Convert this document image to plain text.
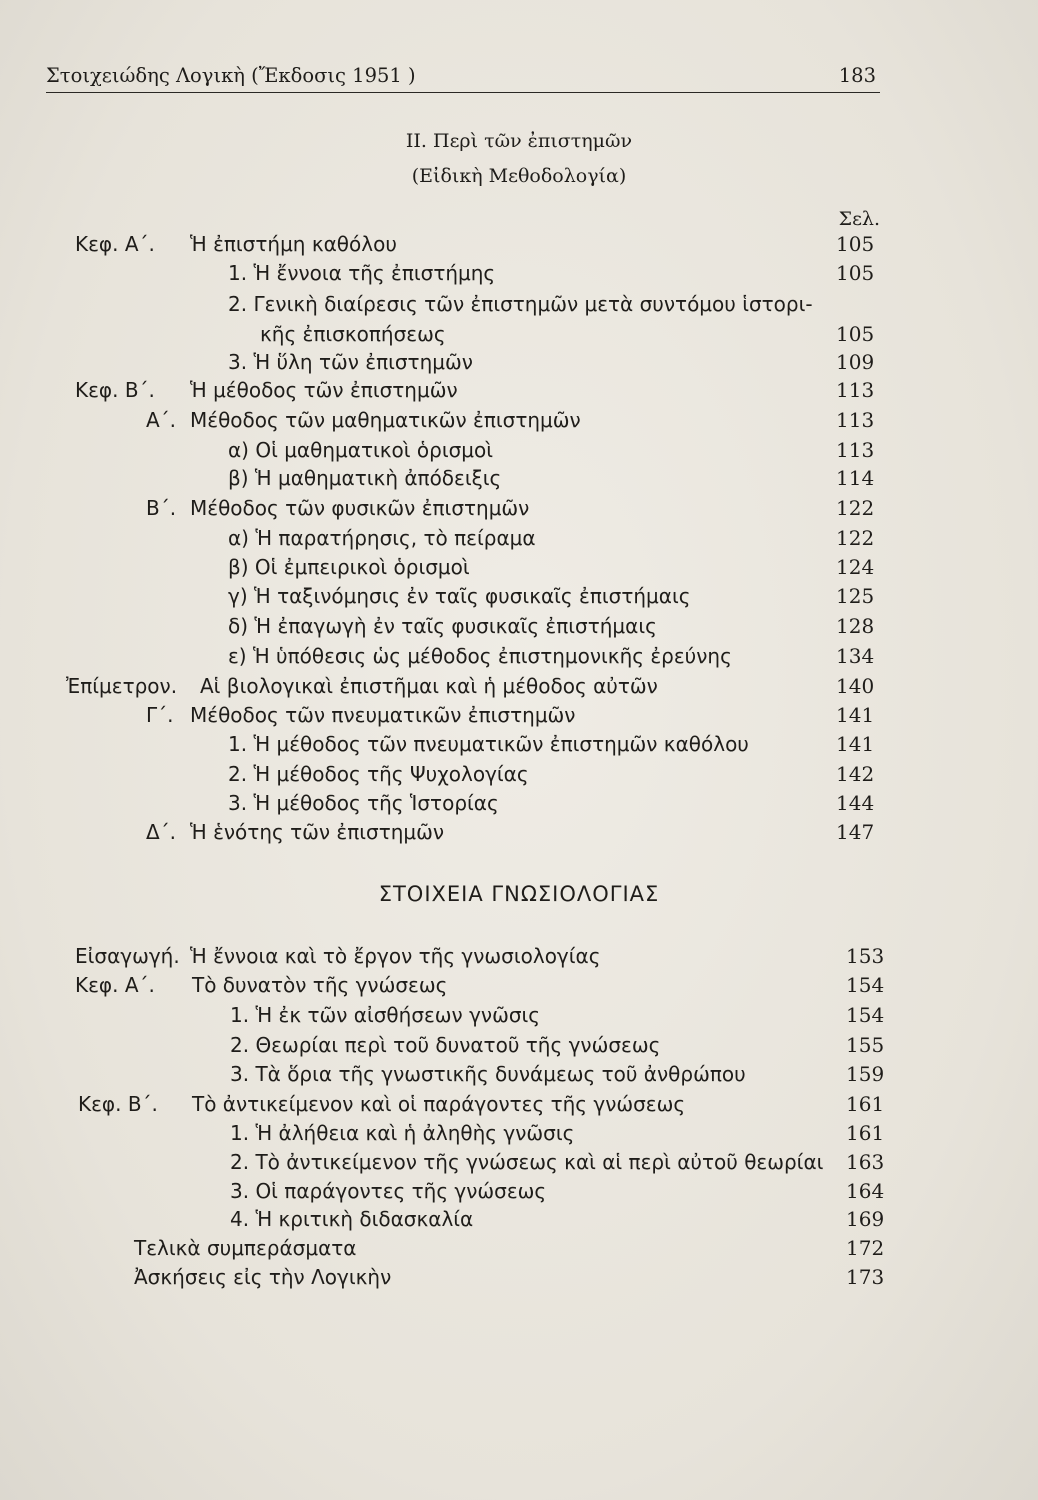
Στοιχειώδης Λογικὴ (Ἔκδοσις 1951 )	183
ΙΙ. Περὶ τῶν ἐπιστημῶν
(Εἰδικὴ Μεθοδολογία)
Σελ.
Κεφ. Α΄. Ἡ ἐπιστήμη καθόλου	105
1. Ἡ ἔννοια τῆς ἐπιστήμης	105
2. Γενικὴ διαίρεσις τῶν ἐπιστημῶν μετὰ συντόμου ἱστορι-
κῆς ἐπισκοπήσεως	105
3. Ἡ ὕλη τῶν ἐπιστημῶν	109
Κεφ. Β΄. Ἡ μέθοδος τῶν ἐπιστημῶν	113
Α΄. Μέθοδος τῶν μαθηματικῶν ἐπιστημῶν	113
α) Οἱ μαθηματικοὶ ὁρισμοὶ	113
β) Ἡ μαθηματικὴ ἀπόδειξις	114
Β΄. Μέθοδος τῶν φυσικῶν ἐπιστημῶν	122
α) Ἡ παρατήρησις, τὸ πείραμα	122
β) Οἱ ἐμπειρικοὶ ὁρισμοὶ	124
γ) Ἡ ταξινόμησις ἐν ταῖς φυσικαῖς ἐπιστήμαις	125
δ) Ἡ ἐπαγωγὴ ἐν ταῖς φυσικαῖς ἐπιστήμαις	128
ε) Ἡ ὑπόθεσις ὡς μέθοδος ἐπιστημονικῆς ἐρεύνης	134
Ἐπίμετρον. Αἱ βιολογικαὶ ἐπιστῆμαι καὶ ἡ μέθοδος αὐτῶν	140
Γ΄. Μέθοδος τῶν πνευματικῶν ἐπιστημῶν	141
1. Ἡ μέθοδος τῶν πνευματικῶν ἐπιστημῶν καθόλου	141
2. Ἡ μέθοδος τῆς Ψυχολογίας	142
3. Ἡ μέθοδος τῆς Ἱστορίας	144
Δ΄. Ἡ ἑνότης τῶν ἐπιστημῶν	147
ΣΤΟΙΧΕΙΑ ΓΝΩΣΙΟΛΟΓΙΑΣ
Εἰσαγωγή. Ἡ ἔννοια καὶ τὸ ἔργον τῆς γνωσιολογίας	153
Κεφ. Α΄. Τὸ δυνατὸν τῆς γνώσεως	154
1. Ἡ ἐκ τῶν αἰσθήσεων γνῶσις	154
2. Θεωρίαι περὶ τοῦ δυνατοῦ τῆς γνώσεως	155
3. Τὰ ὅρια τῆς γνωστικῆς δυνάμεως τοῦ ἀνθρώπου	159
Κεφ. Β΄. Τὸ ἀντικείμενον καὶ οἱ παράγοντες τῆς γνώσεως	161
1. Ἡ ἀλήθεια καὶ ἡ ἀληθὴς γνῶσις	161
2. Τὸ ἀντικείμενον τῆς γνώσεως καὶ αἱ περὶ αὐτοῦ θεωρίαι 163
3. Οἱ παράγοντες τῆς γνώσεως	164
4. Ἡ κριτικὴ διδασκαλία	169
Τελικὰ συμπεράσματα	172
Ἀσκήσεις εἰς τὴν Λογικὴν	173
